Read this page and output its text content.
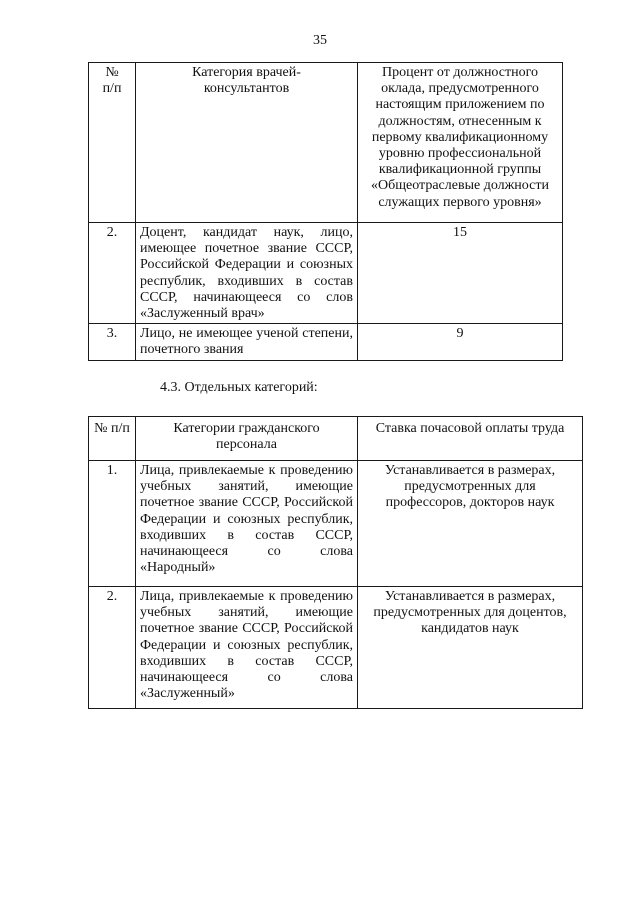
35
№ п/п	Категория врачей-консультантов	Процент от должностного оклада, предусмотренного настоящим приложением по должностям, отнесенным к первому квалификационному уровню профессиональной квалификационной группы «Общеотраслевые должности служащих первого уровня»
2.	Доцент, кандидат наук, лицо, имеющее почетное звание СССР, Российской Федерации и союзных республик, входивших в состав СССР, начинающееся со слов «Заслуженный врач»	15
3.	Лицо, не имеющее ученой степени, почетного звания	9
4.3. Отдельных категорий:
№ п/п	Категории гражданского персонала	Ставка почасовой оплаты труда
1.	Лица, привлекаемые к проведению учебных занятий, имеющие почетное звание СССР, Российской Федерации и союзных республик, входивших в состав СССР, начинающееся со слова «Народный»	Устанавливается в размерах, предусмотренных для профессоров, докторов наук
2.	Лица, привлекаемые к проведению учебных занятий, имеющие почетное звание СССР, Российской Федерации и союзных республик, входивших в состав СССР, начинающееся со слова «Заслуженный»	Устанавливается в размерах, предусмотренных для доцентов, кандидатов наук
